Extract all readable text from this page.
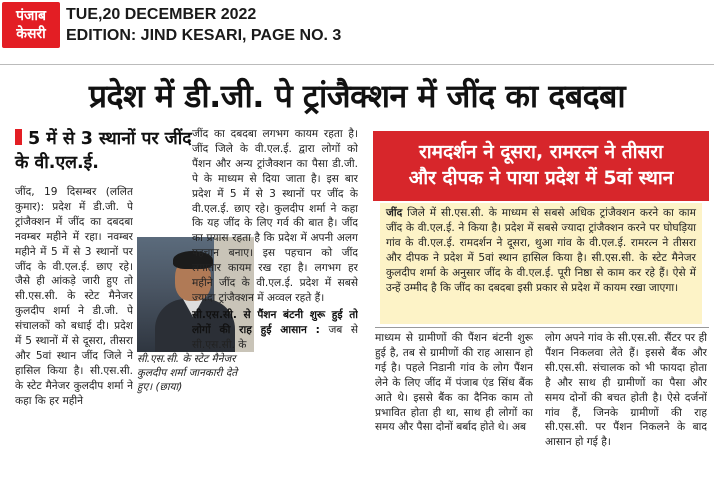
पंजाब
केसरी
TUE,20 DECEMBER 2022
EDITION: JIND KESARI, PAGE NO. 3
प्रदेश में डी.जी. पे ट्रांजैक्शन में जींद का दबदबा
5 में से 3 स्थानों पर जींद के वी.एल.ई.

जींद, 19 दिसम्बर (ललित कुमार): प्रदेश में डी.जी. पे ट्रांजैक्शन में जींद का दबदबा नवम्बर महीने में रहा। नवम्बर महीने में 5 में से 3 स्थानों पर जींद के वी.एल.ई. छाए रहे। जैसे ही आंकड़े जारी हुए तो सी.एस.सी. के स्टेट मैनेजर कुलदीप शर्मा ने डी.जी. पे संचालकों को बधाई दी। प्रदेश में 5 स्थानों में से दूसरा, तीसरा और 5वां स्थान जींद जिले ने हासिल किया है। सी.एस.सी. के स्टेट मैनेजर कुलदीप शर्मा ने कहा कि हर महीने

सी.एस.सी. के स्टेट मैनेजर कुलदीप शर्मा जानकारी देते हुए। (छाया)

जींद का दबदबा लगभग कायम रहता है। जींद जिले के वी.एल.ई. द्वारा लोगों को पैंशन और अन्य ट्रांजैक्शन का पैसा डी.जी. पे के माध्यम से दिया जाता है। इस बार प्रदेश में 5 में से 3 स्थानों पर जींद के वी.एल.ई. छाए रहे। कुलदीप शर्मा ने कहा कि यह जींद के लिए गर्व की बात है। जींद का प्रयास रहता है कि प्रदेश में अपनी अलग पहचान बनाए। इस पहचान को जींद लगातार कायम रख रहा है। लगभग हर महीने जींद के वी.एल.ई. प्रदेश में सबसे ज्यादा ट्रांजैक्शन में अव्वल रहते हैं।

सी.एस.सी. से पैंशन बंटनी शुरू हुई तो लोगों की राह हुई आसान : जब से सी.एस.सी. के

रामदर्शन ने दूसरा, रामरत्न ने तीसरा
और दीपक ने पाया प्रदेश में 5वां स्थान
जींद जिले में सी.एस.सी. के माध्यम से सबसे अधिक ट्रांजैक्शन करने का काम जींद के वी.एल.ई. ने किया है। प्रदेश में सबसे ज्यादा ट्रांजैक्शन करने पर घोघड़िया गांव के वी.एल.ई. रामदर्शन ने दूसरा, थुआ गांव के वी.एल.ई. रामरत्न ने तीसरा और दीपक ने प्रदेश में 5वां स्थान हासिल किया है। सी.एस.सी. के स्टेट मैनेजर कुलदीप शर्मा के अनुसार जींद के वी.एल.ई. पूरी निष्ठा से काम कर रहे हैं। ऐसे में उन्हें उम्मीद है कि जींद का दबदबा इसी प्रकार से प्रदेश में कायम रखा जाएगा।

माध्यम से ग्रामीणों की पैंशन बंटनी शुरू हुई है, तब से ग्रामीणों की राह आसान हो गई है। पहले निडानी गांव के लोग पैंशन लेने के लिए जींद में पंजाब एंड सिंध बैंक आते थे। इससे बैंक का दैनिक काम तो प्रभावित होता ही था, साथ ही लोगों का समय और पैसा दोनों बर्बाद होते थे। अब

लोग अपने गांव के सी.एस.सी. सैंटर पर ही पैंशन निकलवा लेते हैं। इससे बैंक और सी.एस.सी. संचालक को भी फायदा होता है और साथ ही ग्रामीणों का पैसा और समय दोनों की बचत होती है। ऐसे दर्जनों गांव हैं, जिनके ग्रामीणों की राह सी.एस.सी. पर पैंशन निकलने के बाद आसान हो गई है।
